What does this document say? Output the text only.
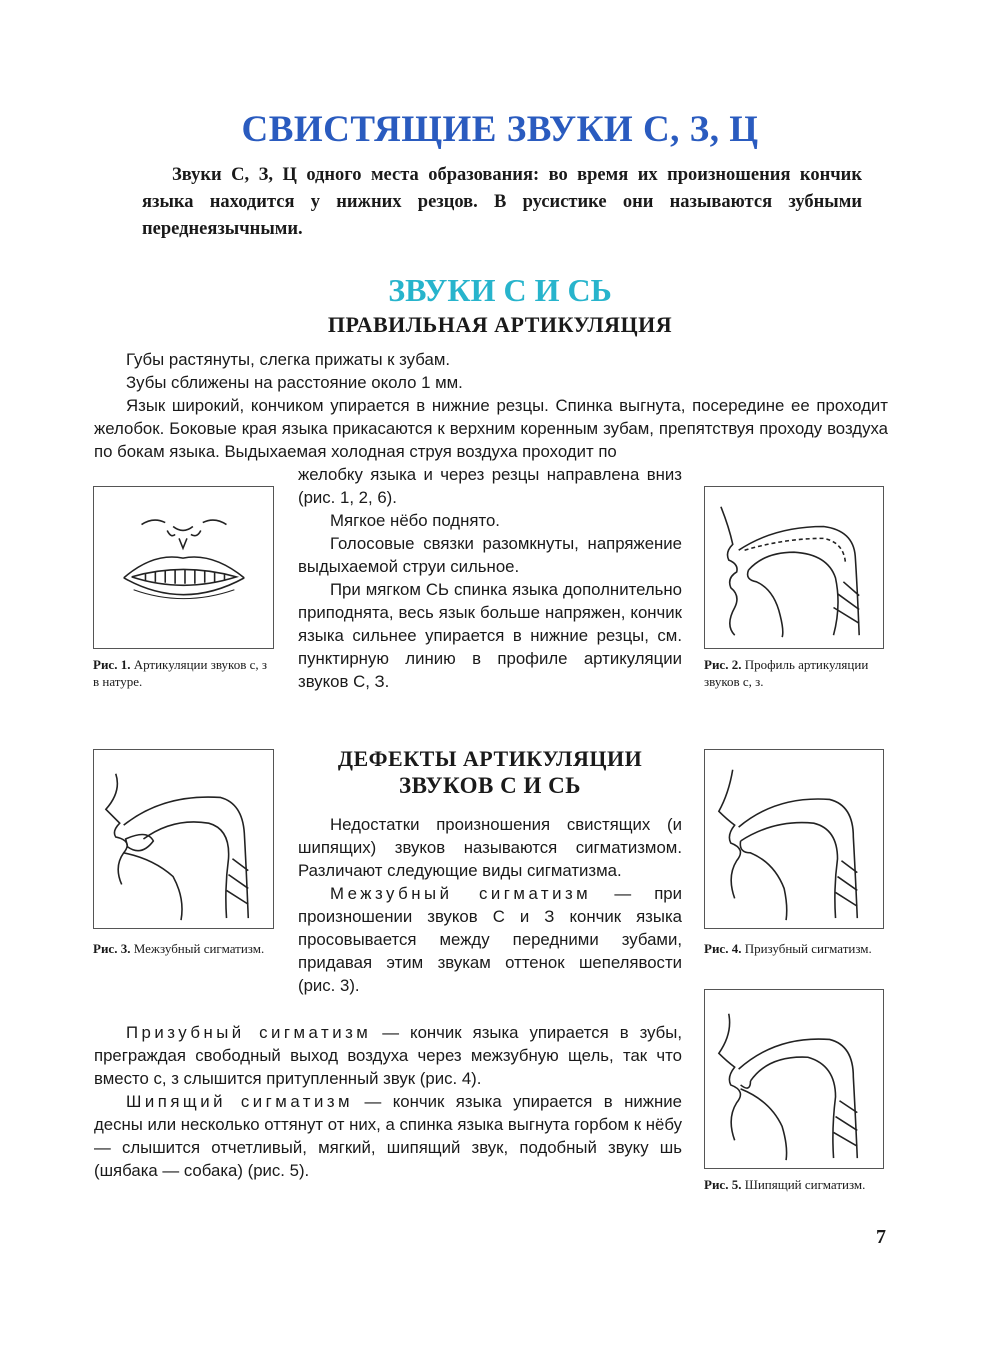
СВИСТЯЩИЕ ЗВУКИ С, З, Ц
Звуки С, З, Ц одного места образования: во время их произношения кончик языка находится у нижних резцов. В русистике они называются зубными переднеязычными.
ЗВУКИ С И СЬ
ПРАВИЛЬНАЯ АРТИКУЛЯЦИЯ

Губы растянуты, слегка прижаты к зубам.

Зубы сближены на расстояние около 1 мм.

Язык широкий, кончиком упирается в нижние резцы. Спинка выгнута, посередине ее проходит желобок. Боковые края языка прикасаются к верхним коренным зубам, препятствуя проходу воздуха по бокам языка. Выдыхаемая холодная струя воздуха проходит по

желобку языка и через резцы направлена вниз (рис. 1, 2, 6).

Мягкое нёбо поднято.

Голосовые связки разомкнуты, напряжение выдыхаемой струи сильное.

При мягком СЬ спинка языка дополнительно приподнята, весь язык больше напряжен, кончик языка сильнее упирается в нижние резцы, см. пунктирную линию в профиле артикуляции звуков С, З.

Рис. 1. Артикуляции звуков с, з в натуре.
Рис. 2. Профиль артикуляции звуков с, з.
ДЕФЕКТЫ АРТИКУЛЯЦИИ
ЗВУКОВ С И СЬ

Недостатки произношения свистящих (и шипящих) звуков называются сигматизмом. Различают следующие виды сигматизма.

Межзубный сигматизм — при произношении звуков С и З кончик языка просовывается между передними зубами, придавая этим звукам оттенок шепелявости (рис. 3).

Призубный сигматизм — кончик языка упирается в зубы, преграждая свободный выход воздуха через межзубную щель, так что вместо с, з слышится притупленный звук (рис. 4).

Шипящий сигматизм — кончик языка упирается в нижние десны или несколько оттянут от них, а спинка языка выгнута горбом к нёбу — слышится отчетливый, мягкий, шипящий звук, подобный звуку шь (шябака — собака) (рис. 5).

Рис. 3. Межзубный сигматизм.	Рис. 4. Призубный сигматизм.
Рис. 5. Шипящий сигматизм.
7
